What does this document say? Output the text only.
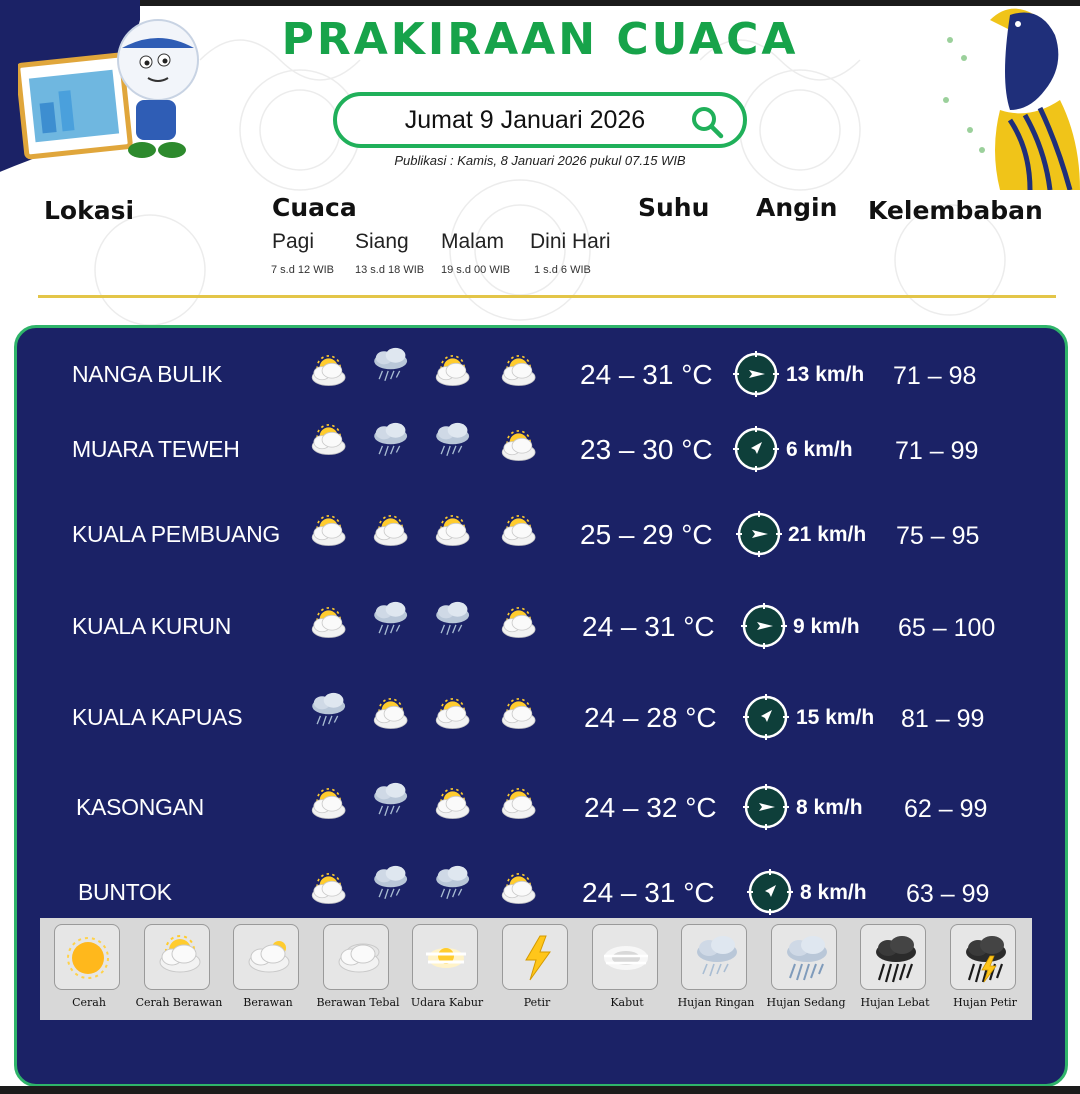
PRAKIRAAN CUACA
Jumat 9 Januari 2026
Publikasi : Kamis, 8 Januari 2026 pukul 07.15 WIB
Lokasi	Cuaca	Suhu Angin Kelembaban
Pagi Siang Malam Dini Hari
7 s.d 12 WIB 13 s.d 18 WIB 19 s.d 00 WIB 1 s.d 6 WIB
NANGA BULIK	24 – 31 °C	13 km/h 71 – 98
MUARA TEWEH	23 – 30 °C	6 km/h 71 – 99
KUALA PEMBUANG	25 – 29 °C	21 km/h 75 – 95
KUALA KURUN	24 – 31 °C	9 km/h 65 – 100
KUALA KAPUAS	24 – 28 °C	15 km/h 81 – 99
KASONGAN	24 – 32 °C	8 km/h 62 – 99
BUNTOK	24 – 31 °C	8 km/h 63 – 99
Cerah	Cerah Berawan	Berawan	Berawan Tebal	Udara Kabur	Petir	Kabut	Hujan Ringan	Hujan Sedang	Hujan Lebat	Hujan Petir
